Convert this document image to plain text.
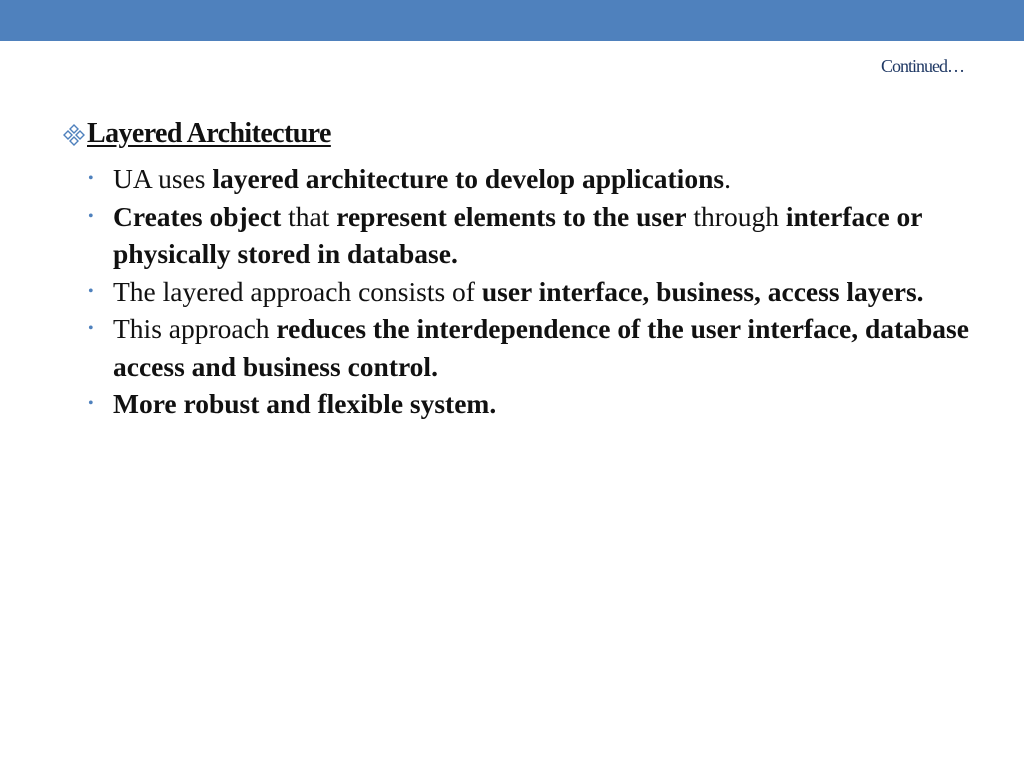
Continued…
Layered Architecture
• UA uses layered architecture to develop applications.
• Creates object that represent elements to the user through interface or physically stored in database.
• The layered approach consists of user interface, business, access layers.
• This approach reduces the interdependence of the user interface, database access and business control.
• More robust and flexible system.
